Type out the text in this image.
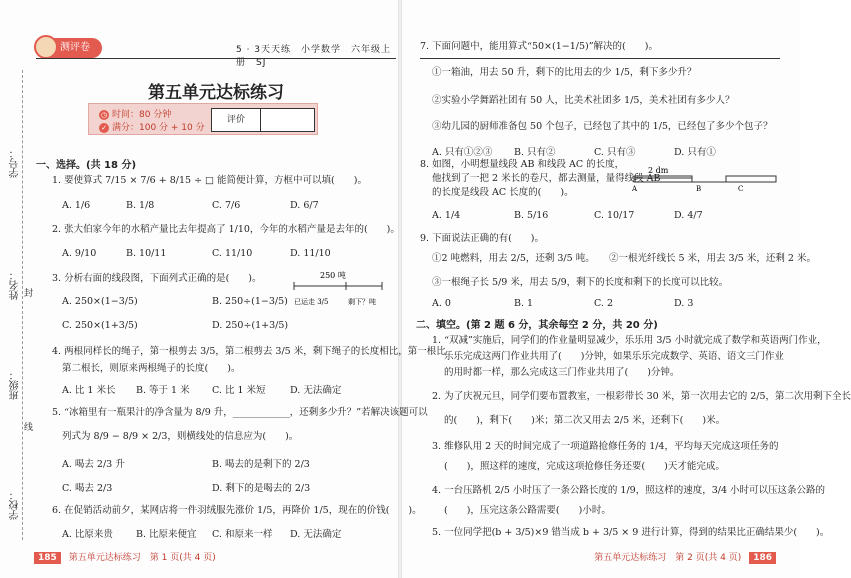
学号：
姓名：
班级：
学校：
封
线
测评卷	5 · 3天天练　小学数学　六年级上册　SJ
第五单元达标练习
◷ 时间：80 分钟
✓ 满分：100 分 + 10 分
评价
一、选择。(共 18 分)
1. 要使算式 7/15 × 7/6 + 8/15 ÷ □ 能简便计算，方框中可以填(　　)。
A. 1/6	B. 1/8	C. 7/6	D. 6/7
2. 张大伯家今年的水稻产量比去年提高了 1/10，今年的水稻产量是去年的(　　)。
A. 9/10	B. 10/11	C. 11/10	D. 11/10
3. 分析右面的线段图，下面列式正确的是(　　)。	250 吨
已运走 3/5	剩下？吨
A. 250×(1−3/5)	B. 250÷(1−3/5)
C. 250×(1+3/5)	D. 250÷(1+3/5)
4. 两根同样长的绳子，第一根剪去 3/5，第二根剪去 3/5 米，剩下绳子的长度相比，第一根比
第二根长，则原来两根绳子的长度(　　)。
A. 比 1 米长 B. 等于 1 米 C. 比 1 米短	D. 无法确定
5. “冰箱里有一瓶果汁的净含量为 8/9 升，____________，还剩多少升？”若解决该题可以
列式为 8/9 − 8/9 × 2/3，则横线处的信息应为(　　)。
A. 喝去 2/3 升	B. 喝去的是剩下的 2/3
C. 喝去 2/3	D. 剩下的是喝去的 2/3
6. 在促销活动前夕，某网店将一件羽绒服先涨价 1/5，再降价 1/5，现在的价钱(　　)。
A. 比原来贵 B. 比原来便宜 C. 和原来一样 D. 无法确定
185 第五单元达标练习　第 1 页(共 4 页)
7. 下面问题中，能用算式“50×(1−1/5)”解决的(　　)。
①一箱油，用去 50 升，剩下的比用去的少 1/5，剩下多少升？
②实验小学舞蹈社团有 50 人，比美术社团多 1/5，美术社团有多少人？
③幼儿园的厨师准备包 50 个包子，已经包了其中的 1/5，已经包了多少个包子？
A. 只有①②③ B. 只有②	C. 只有③	D. 只有①
8. 如图，小明想量线段 AB 和线段 AC 的长度，
他找到了一把 2 米长的卷尺，都去测量，量得线段 AB
的长度是线段 AC 长度的(　　)。
2 dm
A	B	C
A. 1/4	B. 5/16	C. 10/17	D. 4/7
9. 下面说法正确的有(　　)。
①2 吨燃料，用去 2/5，还剩 3/5 吨。　　②一根光纤线长 5 米，用去 3/5 米，还剩 2 米。
③一根绳子长 5/9 米，用去 5/9，剩下的长度和剩下的长度可以比较。
A. 0	B. 1	C. 2	D. 3
二、填空。(第 2 题 6 分，其余每空 2 分，共 20 分)
1. “双减”实施后，同学们的作业量明显减少，乐乐用 3/5 小时就完成了数学和英语两门作业，
乐乐完成这两门作业共用了(　　)分钟，如果乐乐完成数学、英语、语文三门作业
的用时都一样，那么完成这三门作业共用了(　　)分钟。
2. 为了庆祝元旦，同学们要布置教室，一根彩带长 30 米，第一次用去它的 2/5，第二次用剩下全长
的(　　)，剩下(　　)米；第二次又用去 2/5 米，还剩下(　　)米。
3. 维修队用 2 天的时间完成了一项道路抢修任务的 1/4，平均每天完成这项任务的
(　　)，照这样的速度，完成这项抢修任务还要(　　)天才能完成。
4. 一台压路机 2/5 小时压了一条公路长度的 1/9，照这样的速度，3/4 小时可以压这条公路的
(　　)，压完这条公路需要(　　)小时。
5. 一位同学把(b + 3/5)×9 错当成 b + 3/5 × 9 进行计算，得到的结果比正确结果少(　　)。
第五单元达标练习　第 2 页(共 4 页) 186
